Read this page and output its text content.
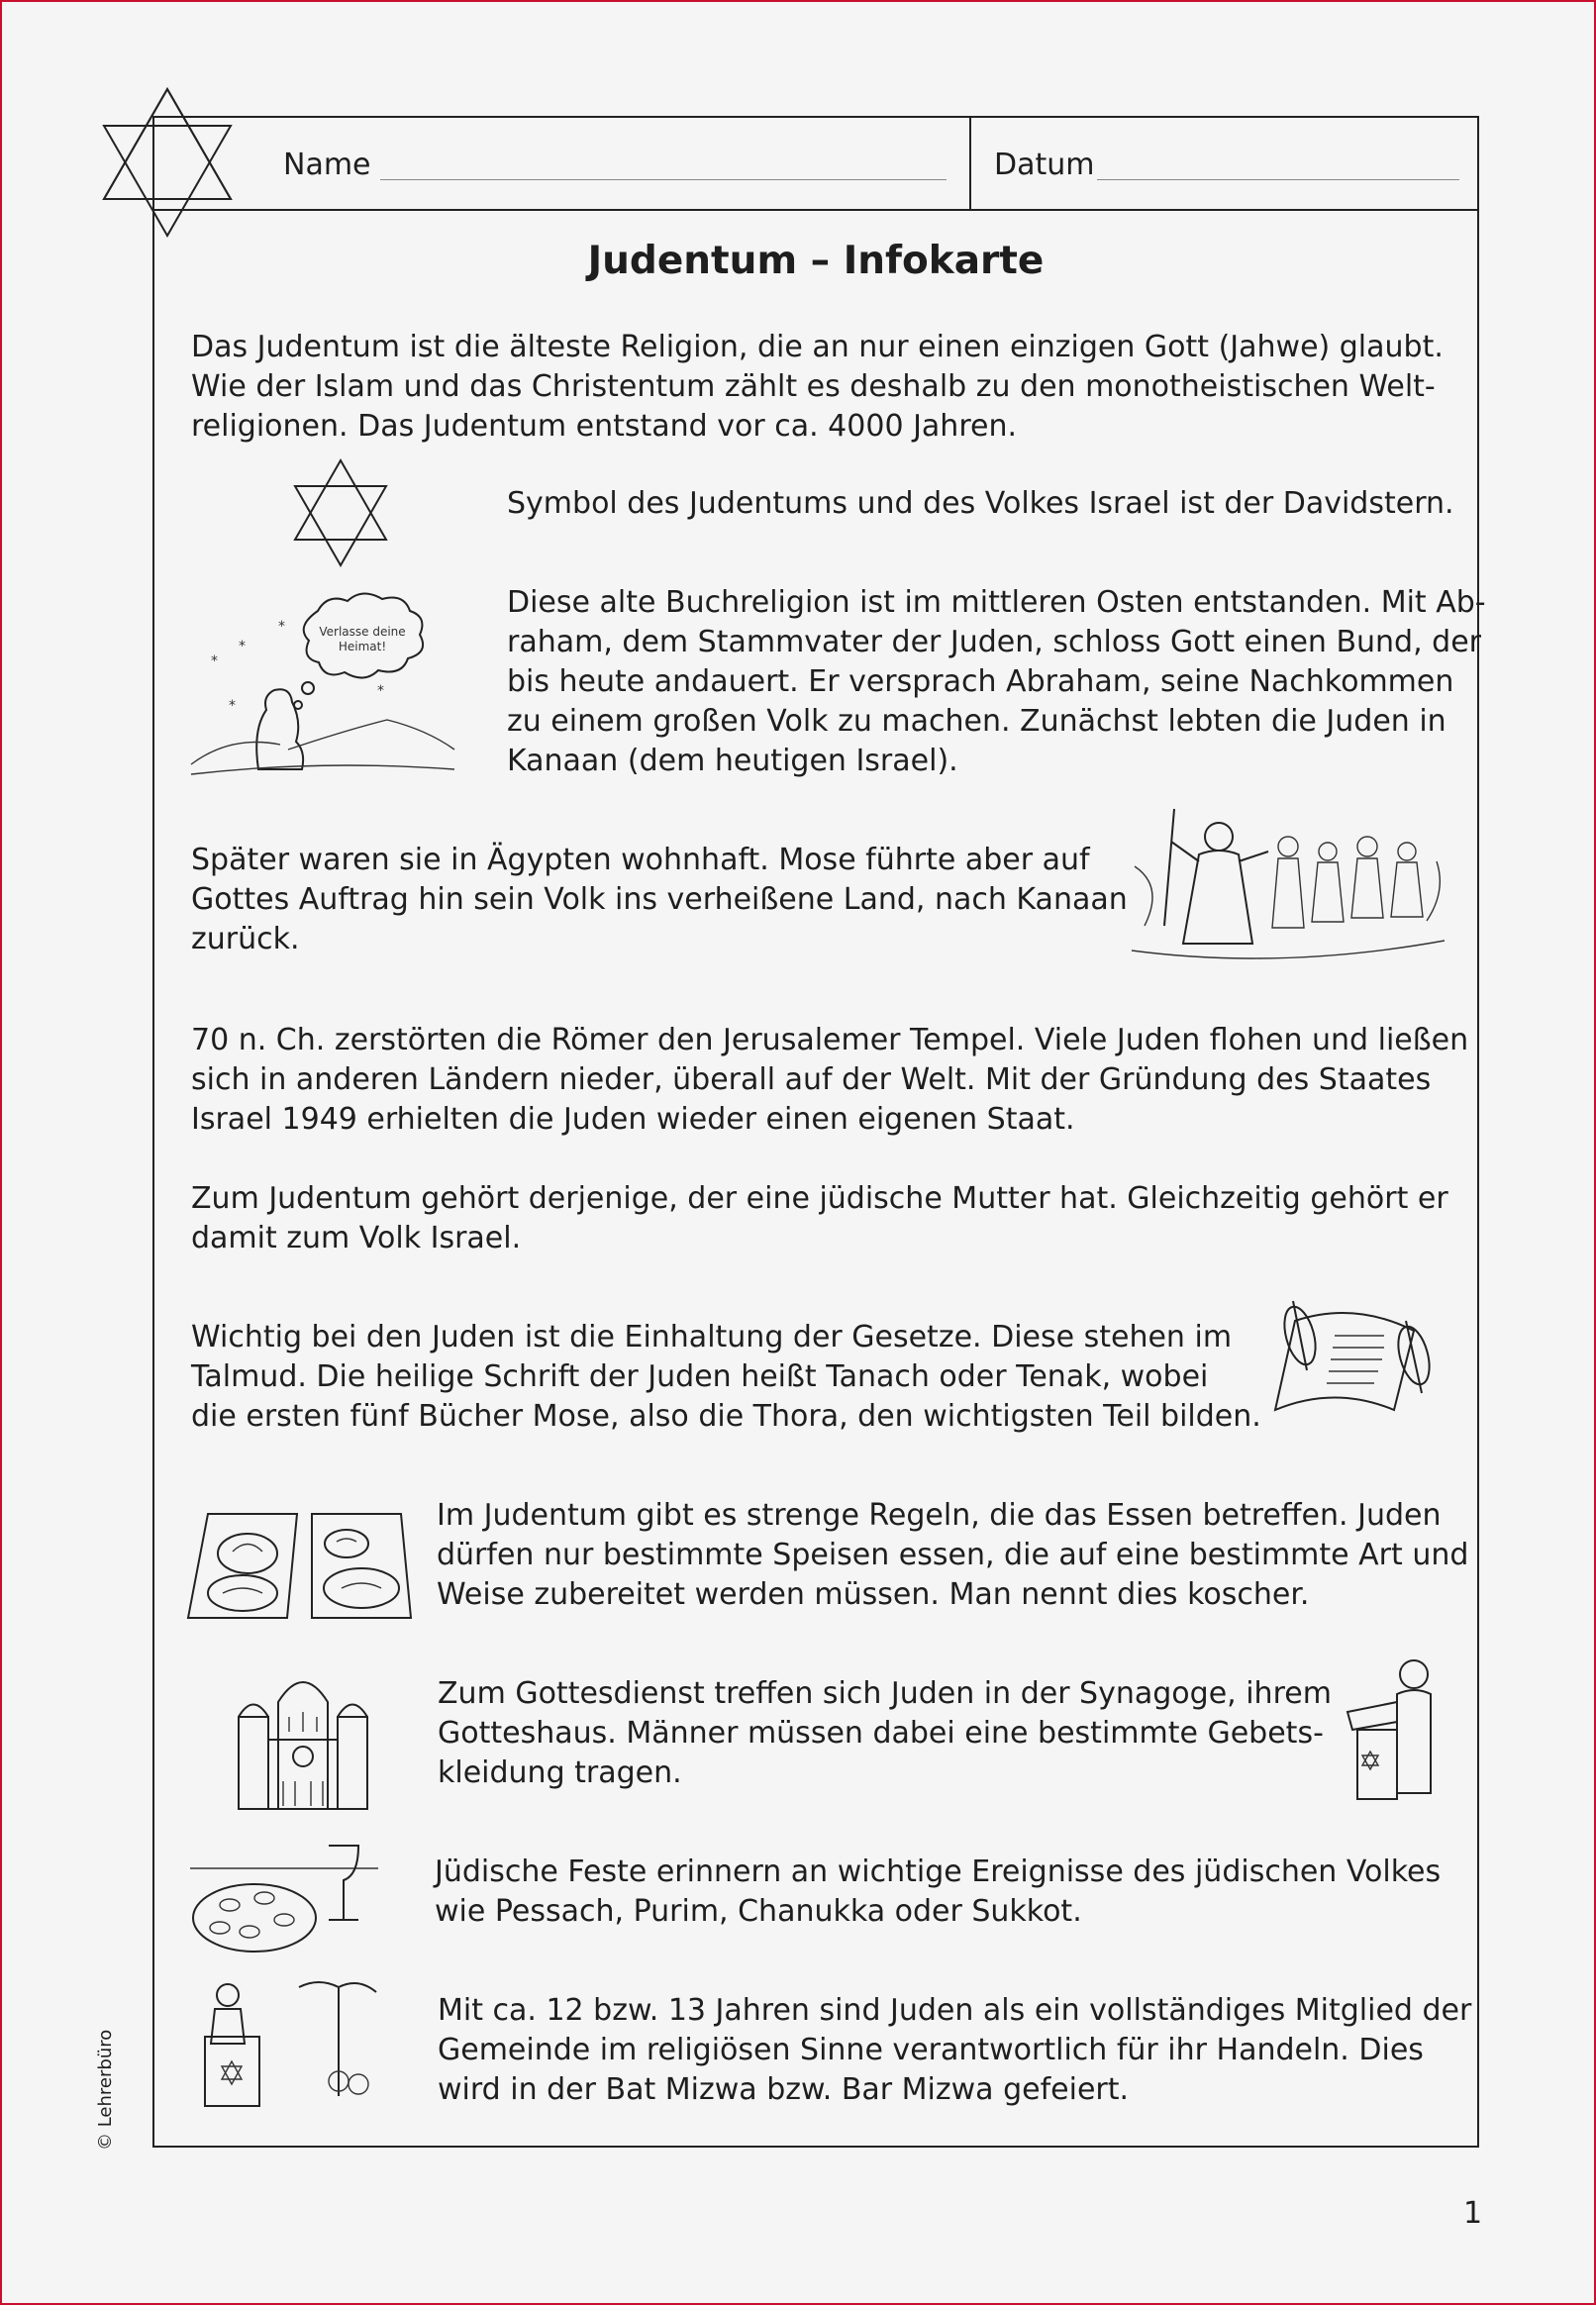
Name	Datum
Judentum – Infokarte
Das Judentum ist die älteste Religion, die an nur einen einzigen Gott (Jahwe) glaubt.
Wie der Islam und das Christentum zählt es deshalb zu den monotheistischen Welt-
religionen. Das Judentum entstand vor ca. 4000 Jahren.
Symbol des Judentums und des Volkes Israel ist der Davidstern.
Verlasse deine
Heimat!
*
*
*
*
*
Diese alte Buchreligion ist im mittleren Osten entstanden. Mit Ab-
raham, dem Stammvater der Juden, schloss Gott einen Bund, der
bis heute andauert. Er versprach Abraham, seine Nachkommen
zu einem großen Volk zu machen. Zunächst lebten die Juden in
Kanaan (dem heutigen Israel).
Später waren sie in Ägypten wohnhaft. Mose führte aber auf
Gottes Auftrag hin sein Volk ins verheißene Land, nach Kanaan
zurück.
70 n. Ch. zerstörten die Römer den Jerusalemer Tempel. Viele Juden flohen und ließen
sich in anderen Ländern nieder, überall auf der Welt. Mit der Gründung des Staates
Israel 1949 erhielten die Juden wieder einen eigenen Staat.
Zum Judentum gehört derjenige, der eine jüdische Mutter hat. Gleichzeitig gehört er
damit zum Volk Israel.
Wichtig bei den Juden ist die Einhaltung der Gesetze. Diese stehen im
Talmud. Die heilige Schrift der Juden heißt Tanach oder Tenak, wobei
die ersten fünf Bücher Mose, also die Thora, den wichtigsten Teil bilden.
Im Judentum gibt es strenge Regeln, die das Essen betreffen. Juden
dürfen nur bestimmte Speisen essen, die auf eine bestimmte Art und
Weise zubereitet werden müssen. Man nennt dies koscher.
Zum Gottesdienst treffen sich Juden in der Synagoge, ihrem
Gotteshaus. Männer müssen dabei eine bestimmte Gebets-
kleidung tragen.
Jüdische Feste erinnern an wichtige Ereignisse des jüdischen Volkes
wie Pessach, Purim, Chanukka oder Sukkot.
Mit ca. 12 bzw. 13 Jahren sind Juden als ein vollständiges Mitglied der
Gemeinde im religiösen Sinne verantwortlich für ihr Handeln. Dies
wird in der Bat Mizwa bzw. Bar Mizwa gefeiert.
© Lehrerbüro
1
